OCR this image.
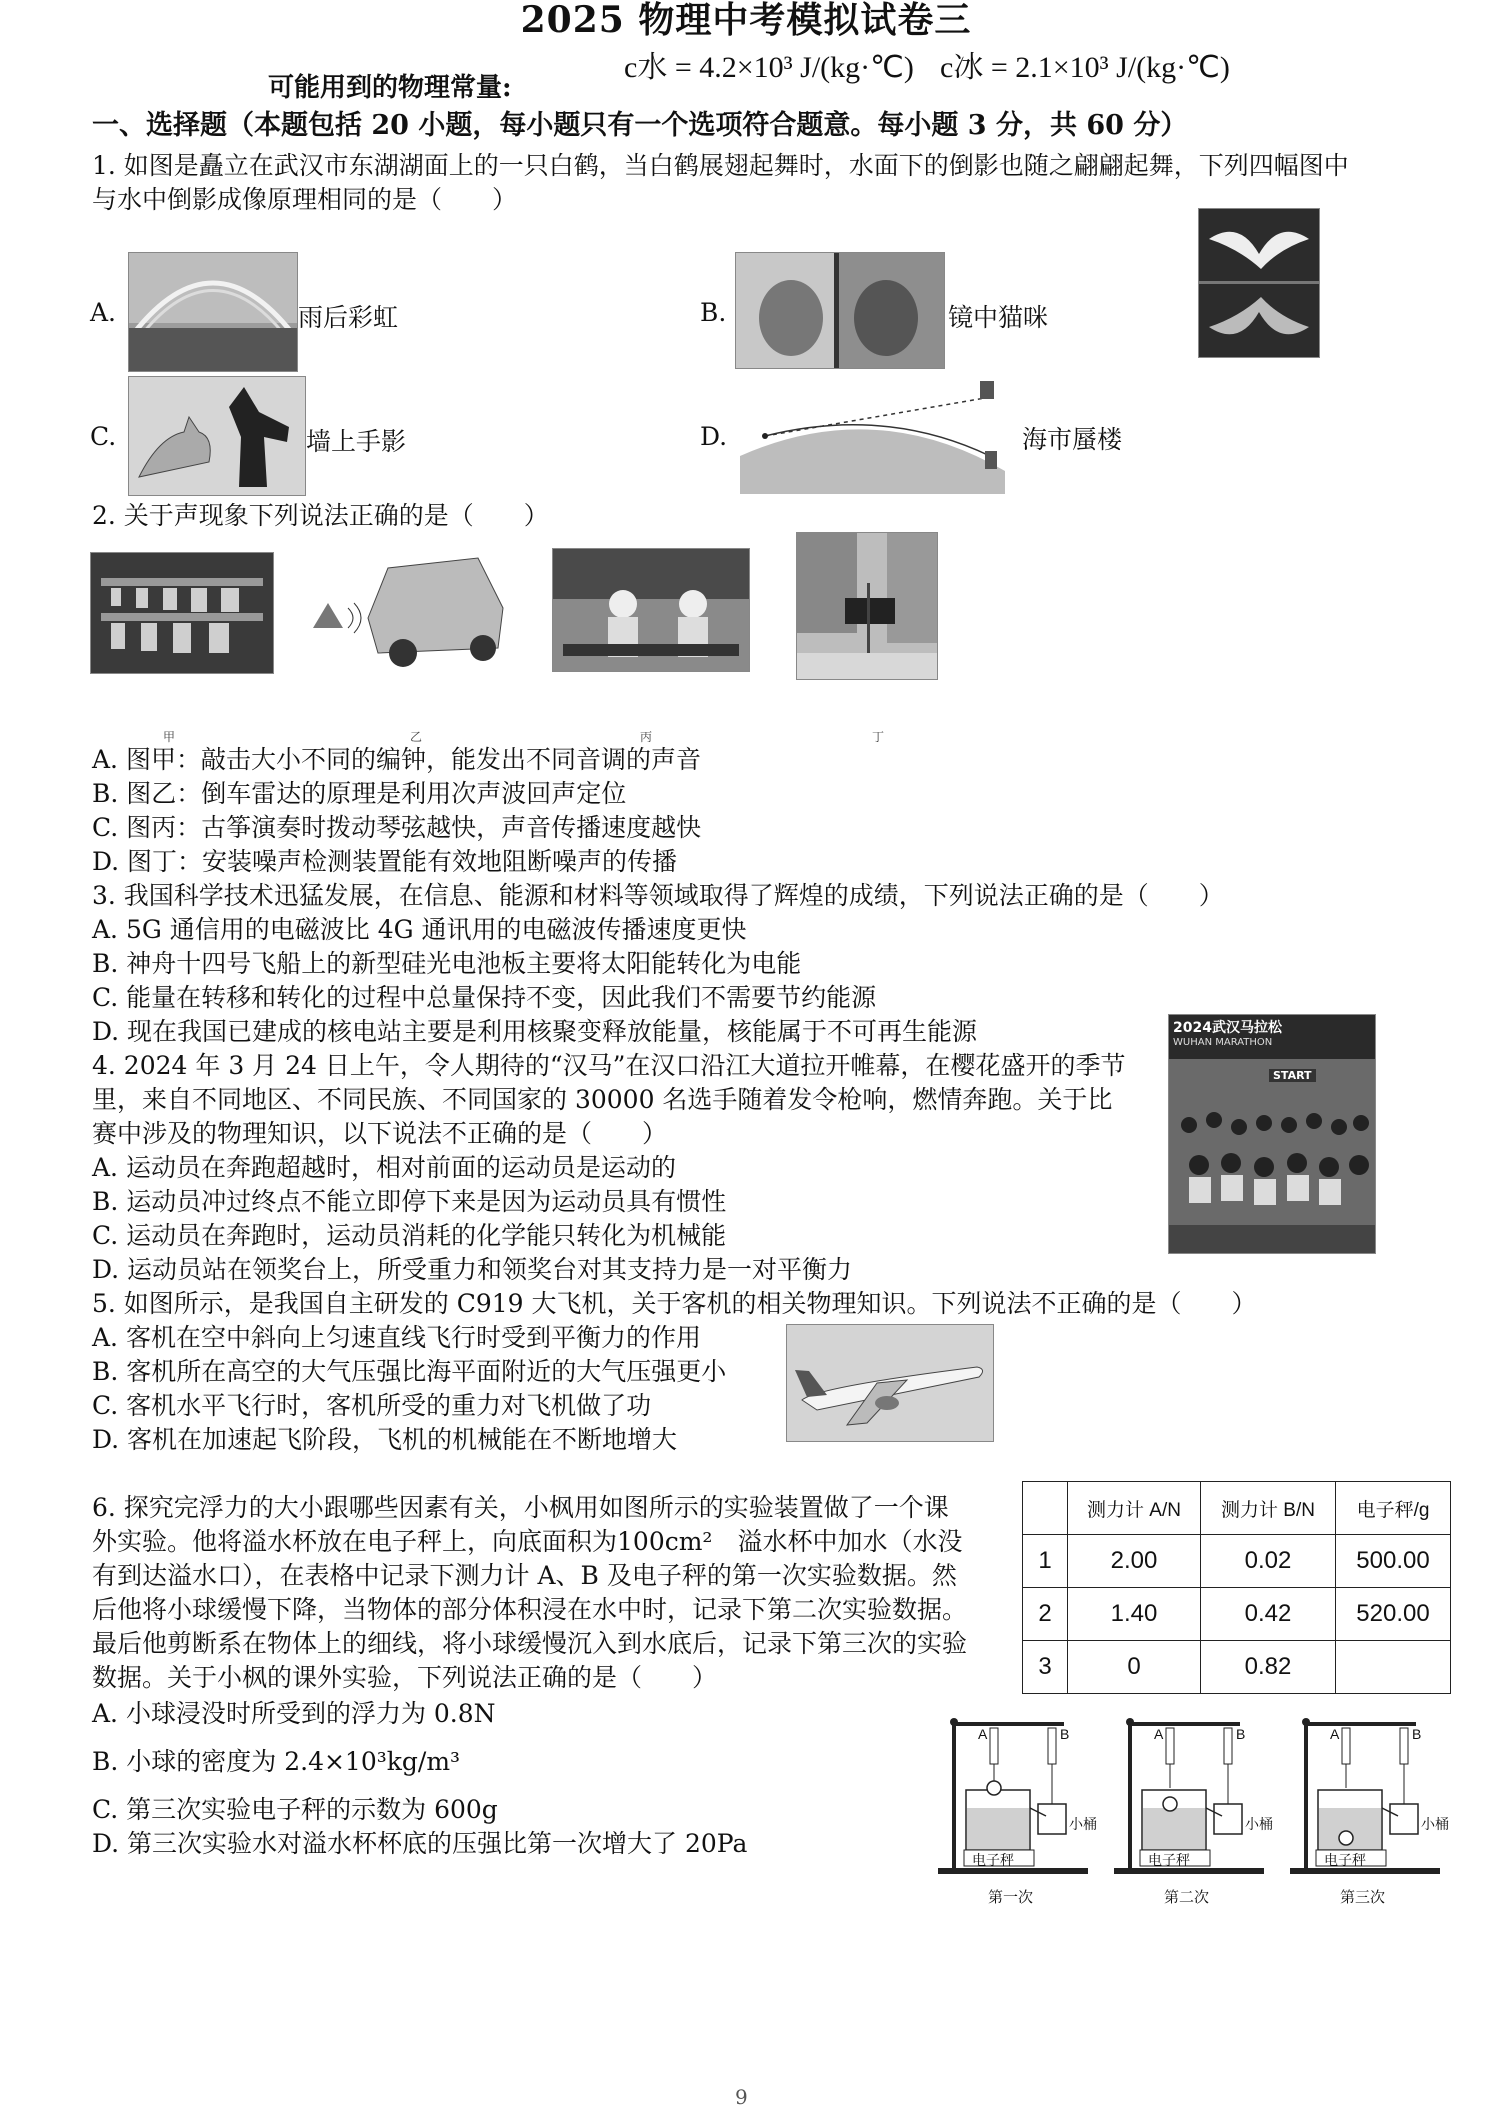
2025 物理中考模拟试卷三
可能用到的物理常量:
c水 = 4.2×10³ J/(kg·℃) c冰 = 2.1×10³ J/(kg·℃)
一、选择题（本题包括 20 小题，每小题只有一个选项符合题意。每小题 3 分，共 60 分）
1. 如图是矗立在武汉市东湖湖面上的一只白鹤，当白鹤展翅起舞时，水面下的倒影也随之翩翩起舞，下列四幅图中
与水中倒影成像原理相同的是（　　）
A.	雨后彩虹	B.	镜中猫咪
C.	墙上手影	D.	海市蜃楼
2. 关于声现象下列说法正确的是（　　）
甲	乙	丙	丁
A. 图甲：敲击大小不同的编钟，能发出不同音调的声音
B. 图乙：倒车雷达的原理是利用次声波回声定位
C. 图丙：古筝演奏时拨动琴弦越快，声音传播速度越快
D. 图丁：安装噪声检测装置能有效地阻断噪声的传播
3. 我国科学技术迅猛发展，在信息、能源和材料等领域取得了辉煌的成绩，下列说法正确的是（　　）
A. 5G 通信用的电磁波比 4G 通讯用的电磁波传播速度更快
B. 神舟十四号飞船上的新型硅光电池板主要将太阳能转化为电能
C. 能量在转移和转化的过程中总量保持不变，因此我们不需要节约能源
D. 现在我国已建成的核电站主要是利用核聚变释放能量，核能属于不可再生能源
4. 2024 年 3 月 24 日上午，令人期待的“汉马”在汉口沿江大道拉开帷幕，在樱花盛开的季节
里，来自不同地区、不同民族、不同国家的 30000 名选手随着发令枪响，燃情奔跑。关于比
赛中涉及的物理知识，以下说法不正确的是（　　）
A. 运动员在奔跑超越时，相对前面的运动员是运动的
B. 运动员冲过终点不能立即停下来是因为运动员具有惯性
C. 运动员在奔跑时，运动员消耗的化学能只转化为机械能
D. 运动员站在领奖台上，所受重力和领奖台对其支持力是一对平衡力
2024武汉马拉松
WUHAN MARATHON
START
5. 如图所示，是我国自主研发的 C919 大飞机，关于客机的相关物理知识。下列说法不正确的是（　　）
A. 客机在空中斜向上匀速直线飞行时受到平衡力的作用
B. 客机所在高空的大气压强比海平面附近的大气压强更小
C. 客机水平飞行时，客机所受的重力对飞机做了功
D. 客机在加速起飞阶段，飞机的机械能在不断地增大
6. 探究完浮力的大小跟哪些因素有关，小枫用如图所示的实验装置做了一个课
外实验。他将溢水杯放在电子秤上，向底面积为100cm²　溢水杯中加水（水没
有到达溢水口），在表格中记录下测力计 A、B 及电子秤的第一次实验数据。然
后他将小球缓慢下降，当物体的部分体积浸在水中时，记录下第二次实验数据。
最后他剪断系在物体上的细线，将小球缓慢沉入到水底后，记录下第三次的实验
数据。关于小枫的课外实验，下列说法正确的是（　　）
A. 小球浸没时所受到的浮力为 0.8N
B. 小球的密度为 2.4×10³kg/m³
C. 第三次实验电子秤的示数为 600g
D. 第三次实验水对溢水杯杯底的压强比第一次增大了 20Pa
	测力计 A/N	测力计 B/N	电子秤/g
1	2.00	0.02	500.00
2	1.40	0.42	520.00
3	0	0.82	
A	B
小桶
电子秤
第一次
A	B
小桶
电子秤
第二次
A	B
小桶
电子秤
第三次
9
